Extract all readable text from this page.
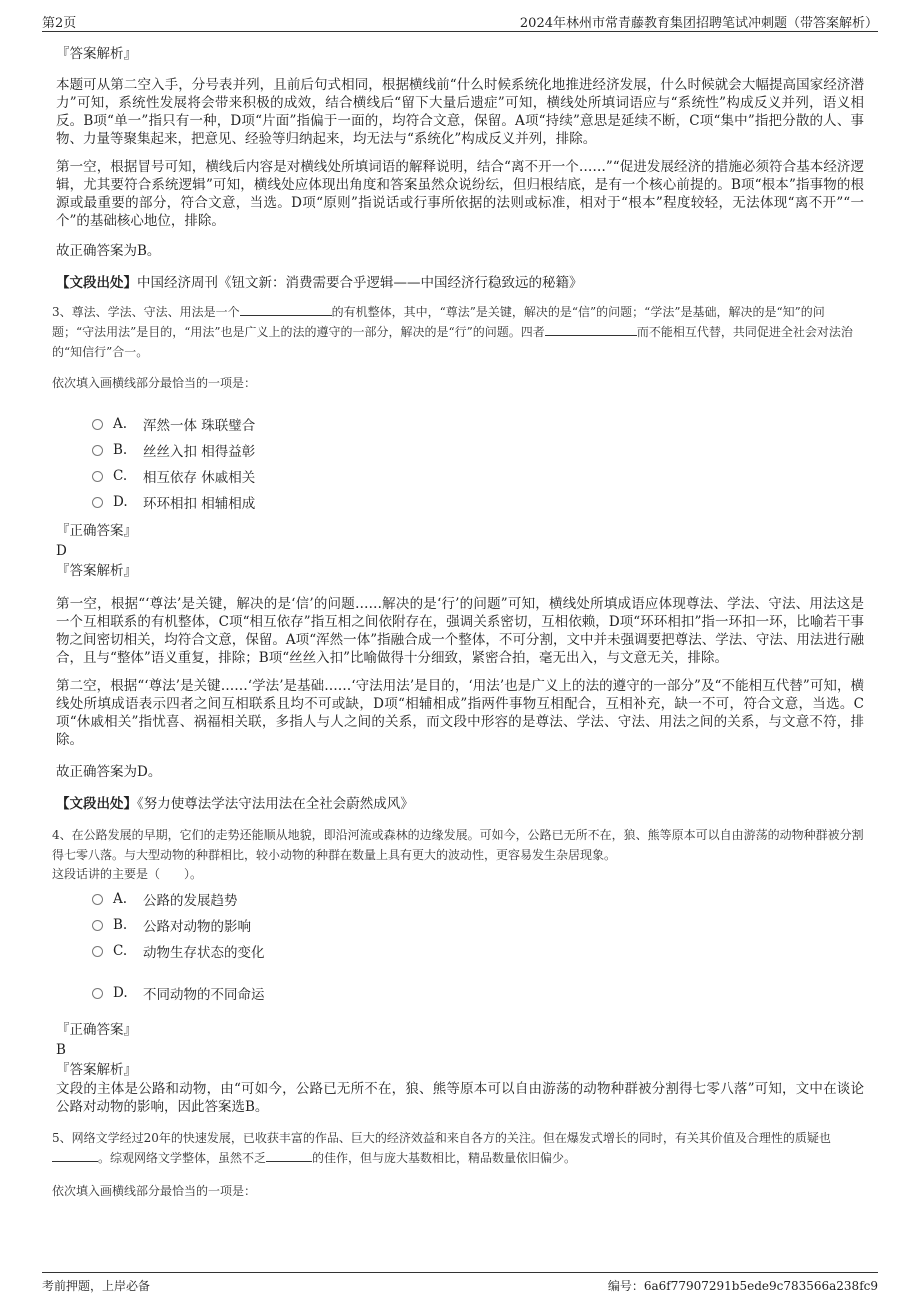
第2页	2024年林州市常青藤教育集团招聘笔试冲刺题（带答案解析）
『答案解析』

本题可从第二空入手，分号表并列，且前后句式相同，根据横线前“什么时候系统化地推进经济发展，什么时候就会大幅提高国家经济潜力”可知，系统性发展将会带来积极的成效，结合横线后“留下大量后遗症”可知，横线处所填词语应与“系统性”构成反义并列，语义相反。B项“单一”指只有一种，D项“片面”指偏于一面的，均符合文意，保留。A项“持续”意思是延续不断，C项“集中”指把分散的人、事物、力量等聚集起来，把意见、经验等归纳起来，均无法与“系统化”构成反义并列，排除。

第一空，根据冒号可知，横线后内容是对横线处所填词语的解释说明，结合“离不开一个……”“促进发展经济的措施必须符合基本经济逻辑，尤其要符合系统逻辑”可知，横线处应体现出角度和答案虽然众说纷纭，但归根结底，是有一个核心前提的。B项“根本”指事物的根源或最重要的部分，符合文意，当选。D项“原则”指说话或行事所依据的法则或标准，相对于“根本”程度较轻，无法体现“离不开”“一个”的基础核心地位，排除。

故正确答案为B。

【文段出处】中国经济周刊《钮文新：消费需要合乎逻辑——中国经济行稳致远的秘籍》

3、尊法、学法、守法、用法是一个	的有机整体，其中，“尊法”是关键，解决的是“信”的问题；“学法”是基础，解决的是“知”的问题；“守法用法”是目的，“用法”也是广义上的法的遵守的一部分，解决的是“行”的问题。四者	而不能相互代替，共同促进全社会对法治的“知信行”合一。

依次填入画横线部分最恰当的一项是：

A.	浑然一体 珠联璧合
B.	丝丝入扣 相得益彰
C.	相互依存 休戚相关
D.	环环相扣 相辅相成
『正确答案』
D
『答案解析』

第一空，根据“‘尊法’是关键，解决的是‘信’的问题……解决的是‘行’的问题”可知，横线处所填成语应体现尊法、学法、守法、用法这是一个互相联系的有机整体，C项“相互依存”指互相之间依附存在，强调关系密切，互相依赖，D项“环环相扣”指一环扣一环，比喻若干事物之间密切相关，均符合文意，保留。A项“浑然一体”指融合成一个整体，不可分割，文中并未强调要把尊法、学法、守法、用法进行融合，且与“整体”语义重复，排除；B项“丝丝入扣”比喻做得十分细致，紧密合拍，毫无出入，与文意无关，排除。

第二空，根据“‘尊法’是关键……‘学法’是基础……‘守法用法’是目的，‘用法’也是广义上的法的遵守的一部分”及“不能相互代替”可知，横线处所填成语表示四者之间互相联系且均不可或缺，D项“相辅相成”指两件事物互相配合，互相补充，缺一不可，符合文意，当选。C项“休戚相关”指忧喜、祸福相关联，多指人与人之间的关系，而文段中形容的是尊法、学法、守法、用法之间的关系，与文意不符，排除。

故正确答案为D。

【文段出处】《努力使尊法学法守法用法在全社会蔚然成风》

4、在公路发展的早期，它们的走势还能顺从地貌，即沿河流或森林的边缘发展。可如今，公路已无所不在，狼、熊等原本可以自由游荡的动物种群被分割得七零八落。与大型动物的种群相比，较小动物的种群在数量上具有更大的波动性，更容易发生杂居现象。

这段话讲的主要是（　　）。

A.	公路的发展趋势
B.	公路对动物的影响
C.	动物生存状态的变化
D.	不同动物的不同命运
『正确答案』
B
『答案解析』

文段的主体是公路和动物，由“可如今，公路已无所不在，狼、熊等原本可以自由游荡的动物种群被分割得七零八落”可知，文中在谈论公路对动物的影响，因此答案选B。

5、网络文学经过20年的快速发展，已收获丰富的作品、巨大的经济效益和来自各方的关注。但在爆发式增长的同时，有关其价值及合理性的质疑也。综观网络文学整体，虽然不乏	的佳作，但与庞大基数相比，精品数量依旧偏少。

依次填入画横线部分最恰当的一项是：

考前押题，上岸必备	编号：6a6f77907291b5ede9c783566a238fc9
